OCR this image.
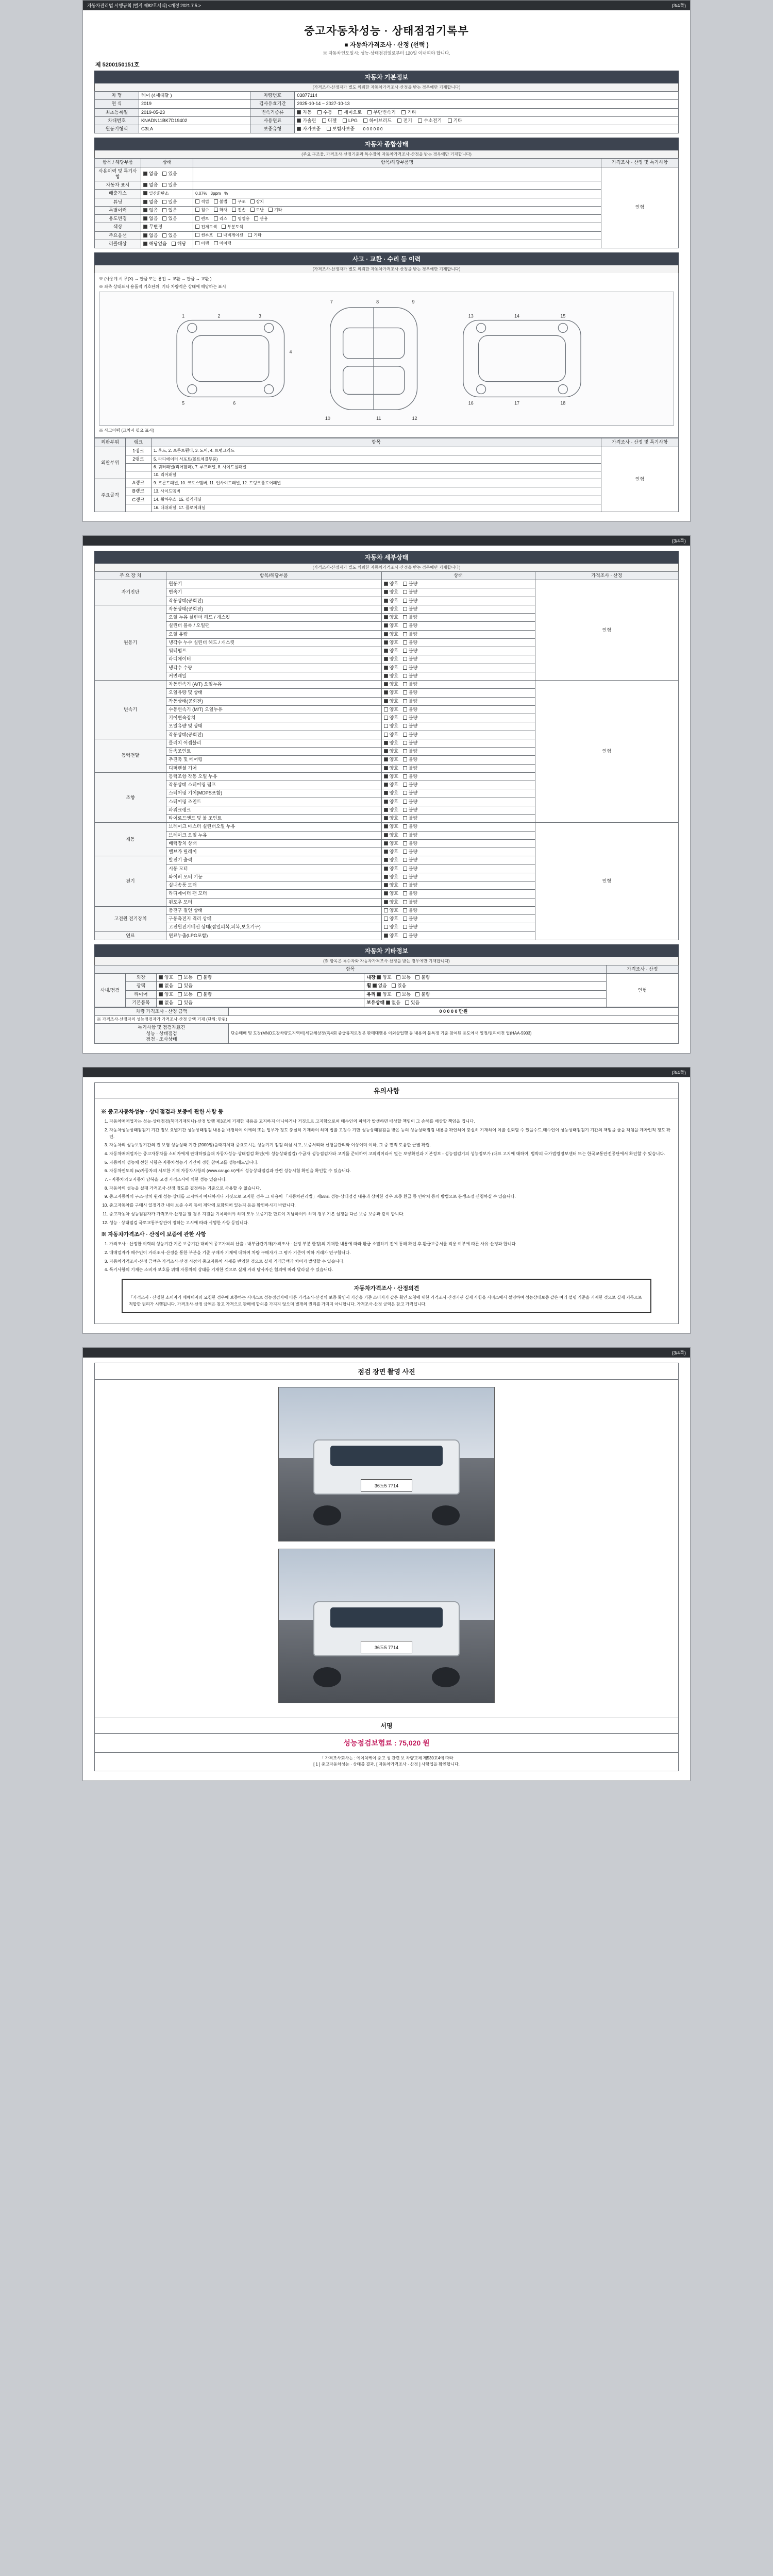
자동차관리법 시행규칙 [별지 제82호서식] <개정 2021.7.5.>	(3/4쪽)
중고자동차성능 · 상태점검기록부
■ 자동차가격조사 · 산정 (선택 )
※ 자동차인도일시: 성능·상태점검일로부터 120일 이내여야 합니다.
제 5200150151호
자동차 기본정보
(가격조사·산정자가 별도 의뢰한 자동차가격조사·산정을 받는 경우에만 기재합니다)
차 명	레이 (4세대달 )	차량번호	03877114
연 식	2019	검사유효기간	2025-10-14 ~ 2027-10-13
최초등록일	2019-05-23	변속기종류	자동 수동 세미오토 무단변속기 기타
차대번호	KNADN11BK7D19402	사용연료	가솔린 디젤 LPG 하이브리드 전기 수소전기 기타
원동기형식	G3LA	보증유형	자가보증 보험사보증 0 0 0 0 0 0
자동차 종합상태
(주요 구조물, 가격조사·산정기준과 특수장치 자동차가격조사·산정을 받는 경우에만 기재합니다)
항목 / 해당부품	상태	항목/해당부품명	가격조사 · 산정 및 특기사항
사용이력 및 특기사항	없음 있음		인형
자동차 표시	없음 있음		
배출가스	일산화탄소	0.07% 3ppm %	
튜닝	없음 있음	적법 불법 구조 장치	
특별이력	없음 있음	침수 화재 전손 도난 기타	
용도변경	없음 있음	렌트 리스 영업용 관용	
색상	무변경	전체도색 부분도색	
주요옵션	없음 있음	썬루프 내비게이션 기타	
리콜대상	해당없음 해당	이행 미이행	
사고 · 교환 · 수리 등 이력
(가격조사·산정자가 별도 의뢰한 자동차가격조사·산정을 받는 경우에만 기재합니다)
※ (사용계 시 무(X) → 판금 또는 용접 → 교환 → 판금 → 교환 )
※ 좌측 상태표시 용품적 기호단위, 기타 차량적은 상태에 해당하는 표시
1	2	3
4
5	6
7	8	9
10	11	12
13	14	15
16	17	18
※ 사고이력 (교차시 필요 표시)
외판부위	랭크	항목	가격조사 · 산정 및 특기사항
외판부위	1랭크	1. 후드, 2. 프론트휀더, 3. 도어, 4. 트렁크리드	인형
	2랭크	5. 라디에이터 서포트(볼트체결부품)	
		6. 쿼터패널(리어휀더), 7. 루프패널, 8. 사이드실패널	
		10. 리어패널	
주요골격	A랭크	9. 프론트패널, 10. 크로스멤버, 11. 인사이드패널, 12. 트렁크플로어패널	
	B랭크	13. 사이드멤버	
	C랭크	14. 휠하우스, 15. 필러패널	
		16. 대쉬패널, 17. 플로어패널	

(3/4쪽)
자동차 세부상태
(가격조사·산정자가 별도 의뢰한 자동차가격조사·산정을 받는 경우에만 기재합니다)
주 요 장 치	항목/해당부품	상태	가격조사 · 산정
자기진단	원동기	양호 불량	인형
	변속기	양호 불량	
	작동상태(공회전)	양호 불량	
원동기	작동상태(공회전)	양호 불량	
	오일 누유 실린더 헤드 / 개스킷	양호 불량	
	실린더 블록 / 오일팬	양호 불량	
	오일 유량	양호 불량	
	냉각수 누수 실린더 헤드 / 개스킷	양호 불량	
	워터펌프	양호 불량	
	라디에이터	양호 불량	
	냉각수 수량	양호 불량	
	커먼레일	양호 불량	
변속기	자동변속기 (A/T) 오일누유	양호 불량	인형
	오일유량 및 상태	양호 불량	
	작동상태(공회전)	양호 불량	
	수동변속기 (M/T) 오일누유	양호 불량	
	기어변속장치	양호 불량	
	오일유량 및 상태	양호 불량	
	작동상태(공회전)	양호 불량	
동력전달	클러치 어셈블리	양호 불량	
	등속조인트	양호 불량	
	추진축 및 베어링	양호 불량	
	디퍼렌셜 기어	양호 불량	
조향	동력조향 작동 오일 누유	양호 불량	
	작동상태 스티어링 펌프	양호 불량	
	스티어링 기어(MDPS포함)	양호 불량	
	스티어링 조인트	양호 불량	
	파워크랭크	양호 불량	
	타이로드엔드 및 볼 조인트	양호 불량	
제동	브레이크 마스터 실린더오일 누유	양호 불량	인형
	브레이크 오일 누유	양호 불량	
	배력장치 상태	양호 불량	
	밸브가 릴레이	양호 불량	
전기	발전기 출력	양호 불량	
	시동 모터	양호 불량	
	와이퍼 모터 기능	양호 불량	
	실내송풍 모터	양호 불량	
	라디에이터 팬 모터	양호 불량	
	윈도우 모터	양호 불량	
고전원 전기장치	충전구 절연 상태	양호 불량	
	구동축전지 격리 상태	양호 불량	
	고전원전기배선 상태(접열피복,피복,보호기구)	양호 불량	
연료	연료누출(LPG포함)	양호 불량	
자동차 기타정보
(※ 항목은 특수차와 자동차가격조사·산정을 받는 경우에만 기재합니다)
항목				가격조사 · 산정
사내/점검	외장	양호 보통 불량	내장 양호 보통 불량	인형
	광택	없음 있음	휠 없음 있음	
	타이어	양호 보통 불량	유리 양호 보통 불량	
	기본품목	없음 있음	보유상태 없음 있음	
차량 가격조사 · 산정 금액	0 0 0 0 0 만원
※ 가격조사·산정자의 성능점검자가 가격조사·산정 금액 기재 (단위: 만원)	

특기사항 및 점검자意견
성능 · 상태점검
점검 · 조사상태	단순매매 및 도장(MNO도장차량도지역비)세단체상장(측4회 중급품직로청문 판매대행용 이외상업행 등 내용의 불특정 기준 참여된 용도에서 일정/권리이전 업(HAA-5903)

(3/4쪽)
유의사항
※ 중고자동차성능 · 상태점검과 보증에 관한 사항 등
1. 자동차매매업자는 성능·상태점검(책매기재되나)·산정 발행 제3조에 기재한 내용을 고지하지 아니하거나 거짓으로 고지함으로써 매수인의 피해가 발생하면 배상할 책임이 그 손해를 배상할 책임을 집니다.
2. 자동차성능상태점검기 기간 정보 요별기간 성능상태점검 내용을 배경하여 이에의 또는 업무가 정도 충실히 기재하여 하며 법률 고정수 기한·성능상태점검을 받은 등의 성능상태점검 내용을 확인하여 충실히 기재하여 이를 신뢰할 수 있을수드.매수인이 성능상태점검기 기간의 책임을 물을 책임을 계차인적 정도 확인.
3. 자동차의 성능보장기간의 전 보험 성능상태 기간 (2000일)을때지체대 중요도시는 성능기기 점검 의심 시고, 보증처리와 신청을관리와 이상이며 이하, 그 중 면적 도움한 근별 확립.
4. 자동차매매업자는 중고자동차를 소비자에게 판매하였을때 자동차성능·상태점검 확인(예: 성능상태점검) 수급자·성능점검자와 고지를 준비하여 고의적이라서 없는 보장확인과 기본정보 - 성능점검기의 성능정보가 (대표 고지에 대하여, 범박의 국가법령정보센터 또는 한국교통안전공단에서 확인할 수 있습니다.
5. 자동차의 성능체 선한 사항은 자동차성능기 기간이 정한 참여고를 성능매도입니다.
6. 자동차인도의 (w)자동차의 시보한 기재 자동차사항의 (www.car.go.kr)에서 성능상태점검과 관련 성능시험 확인을 확인할 수 있습니다.
7. - 자동차의 3 자동차 남북을 고정 가격조사에 의한 성능 있습니다.
8. 자동차의 성능을 실패 가격조사·산정 정도를 결정하는 기준으로 사용할 수 없습니다.
9. 중고자동차의 구조·장치 원래 성능·상태를 고지하지 아니하거나 거짓으로 고지한 경우 그 내용이 「자동차관리법」제58조 성능·상태점검 내용과 상이한 경우 보증 환급 등 연락처 등의 방법으로 분쟁조정 신청하실 수 있습니다.
10. 중고자동차를 구매시 일정기간 내의 보증 수리 등이 계약에 포함되어 있는지 등을 확인하시기 바랍니다.
11. 중고자동차 성능점검자가 가격조사·산정을 할 경우 지원을 기록하여야 하며 모두 보증기간 만료이 지남하여야 하며 경우 기본 설정을 다른 보증 보증과 같이 합니다.
12. 성능 · 상태점검 국토교통부장관이 정하는 고시에 따라 시행한 사항 등입니다.
※ 자동차가격조사 · 산정에 보증에 관한 사항
1. 가격조사 · 산정한 이력의 성능기간 기존 보증기간 대비에 공고가격의 산출 - 내부급간기재(가격조사 · 산정 부분 한정)의 기재한 내용에 따라 환급 소멸하기 전에 통해 확인 후 환급보증서를 적용 여부에 따른 사유·산정과 합니다.
2. 매매업자가 매수인이 거래조사·산정을 통한 부분을 기준 구매자 기재에 대하여 차량 구매자가 그 평가 기준이 이하 거래가 연구합니다.
3. 자동차가격조사·산정 금액은 가격조사·산정 시점의 중고자동차 시세를 반영한 것으로 실제 거래금액과 차이가 발생할 수 있습니다.
4. 특기사항의 기재는 소비자 보호를 위해 자동차의 상태를 기재한 것으로 실제 거래 당사자간 협의에 따라 달라질 수 있습니다.
자동차가격조사 · 산정의견

「가격조사 · 산정한 소비자가 매매비자와 요청한 경우에 보증하는 서비스로 성능점검자에 따른 가격조사·산정의 보증 확인서 기간을 기준 소비자가 같은 확인 요청에 대한 가격조사·산정기관 실제 사항을 서비스에서 설명하여 성능상태보증 같은 여러 설명 기준을 기재한 것으로 실제 기록으로 적합한 권리가 시행됩니다. 가격조사·산정 금액은 참고 가격으로 판매에 합의를 가지지 않으며 별개의 권리를 가지지 아니합니다. 가격조사·산정 금액은 참고 가격입니다.

(3/4쪽)
점검 장면 촬영 사진
36도5 7714
36도5 7714
서명
성능점검보험료 : 75,020 원
「 가격조사회사는 : 에이치케이 중고 성 관련 보 차량교체 제530호4에 따라
[ 1 ] 중고자동차성능 · 상태를 결과, [ 자동차가격조사 · 산정 ] 사항입을 확인합니다.
